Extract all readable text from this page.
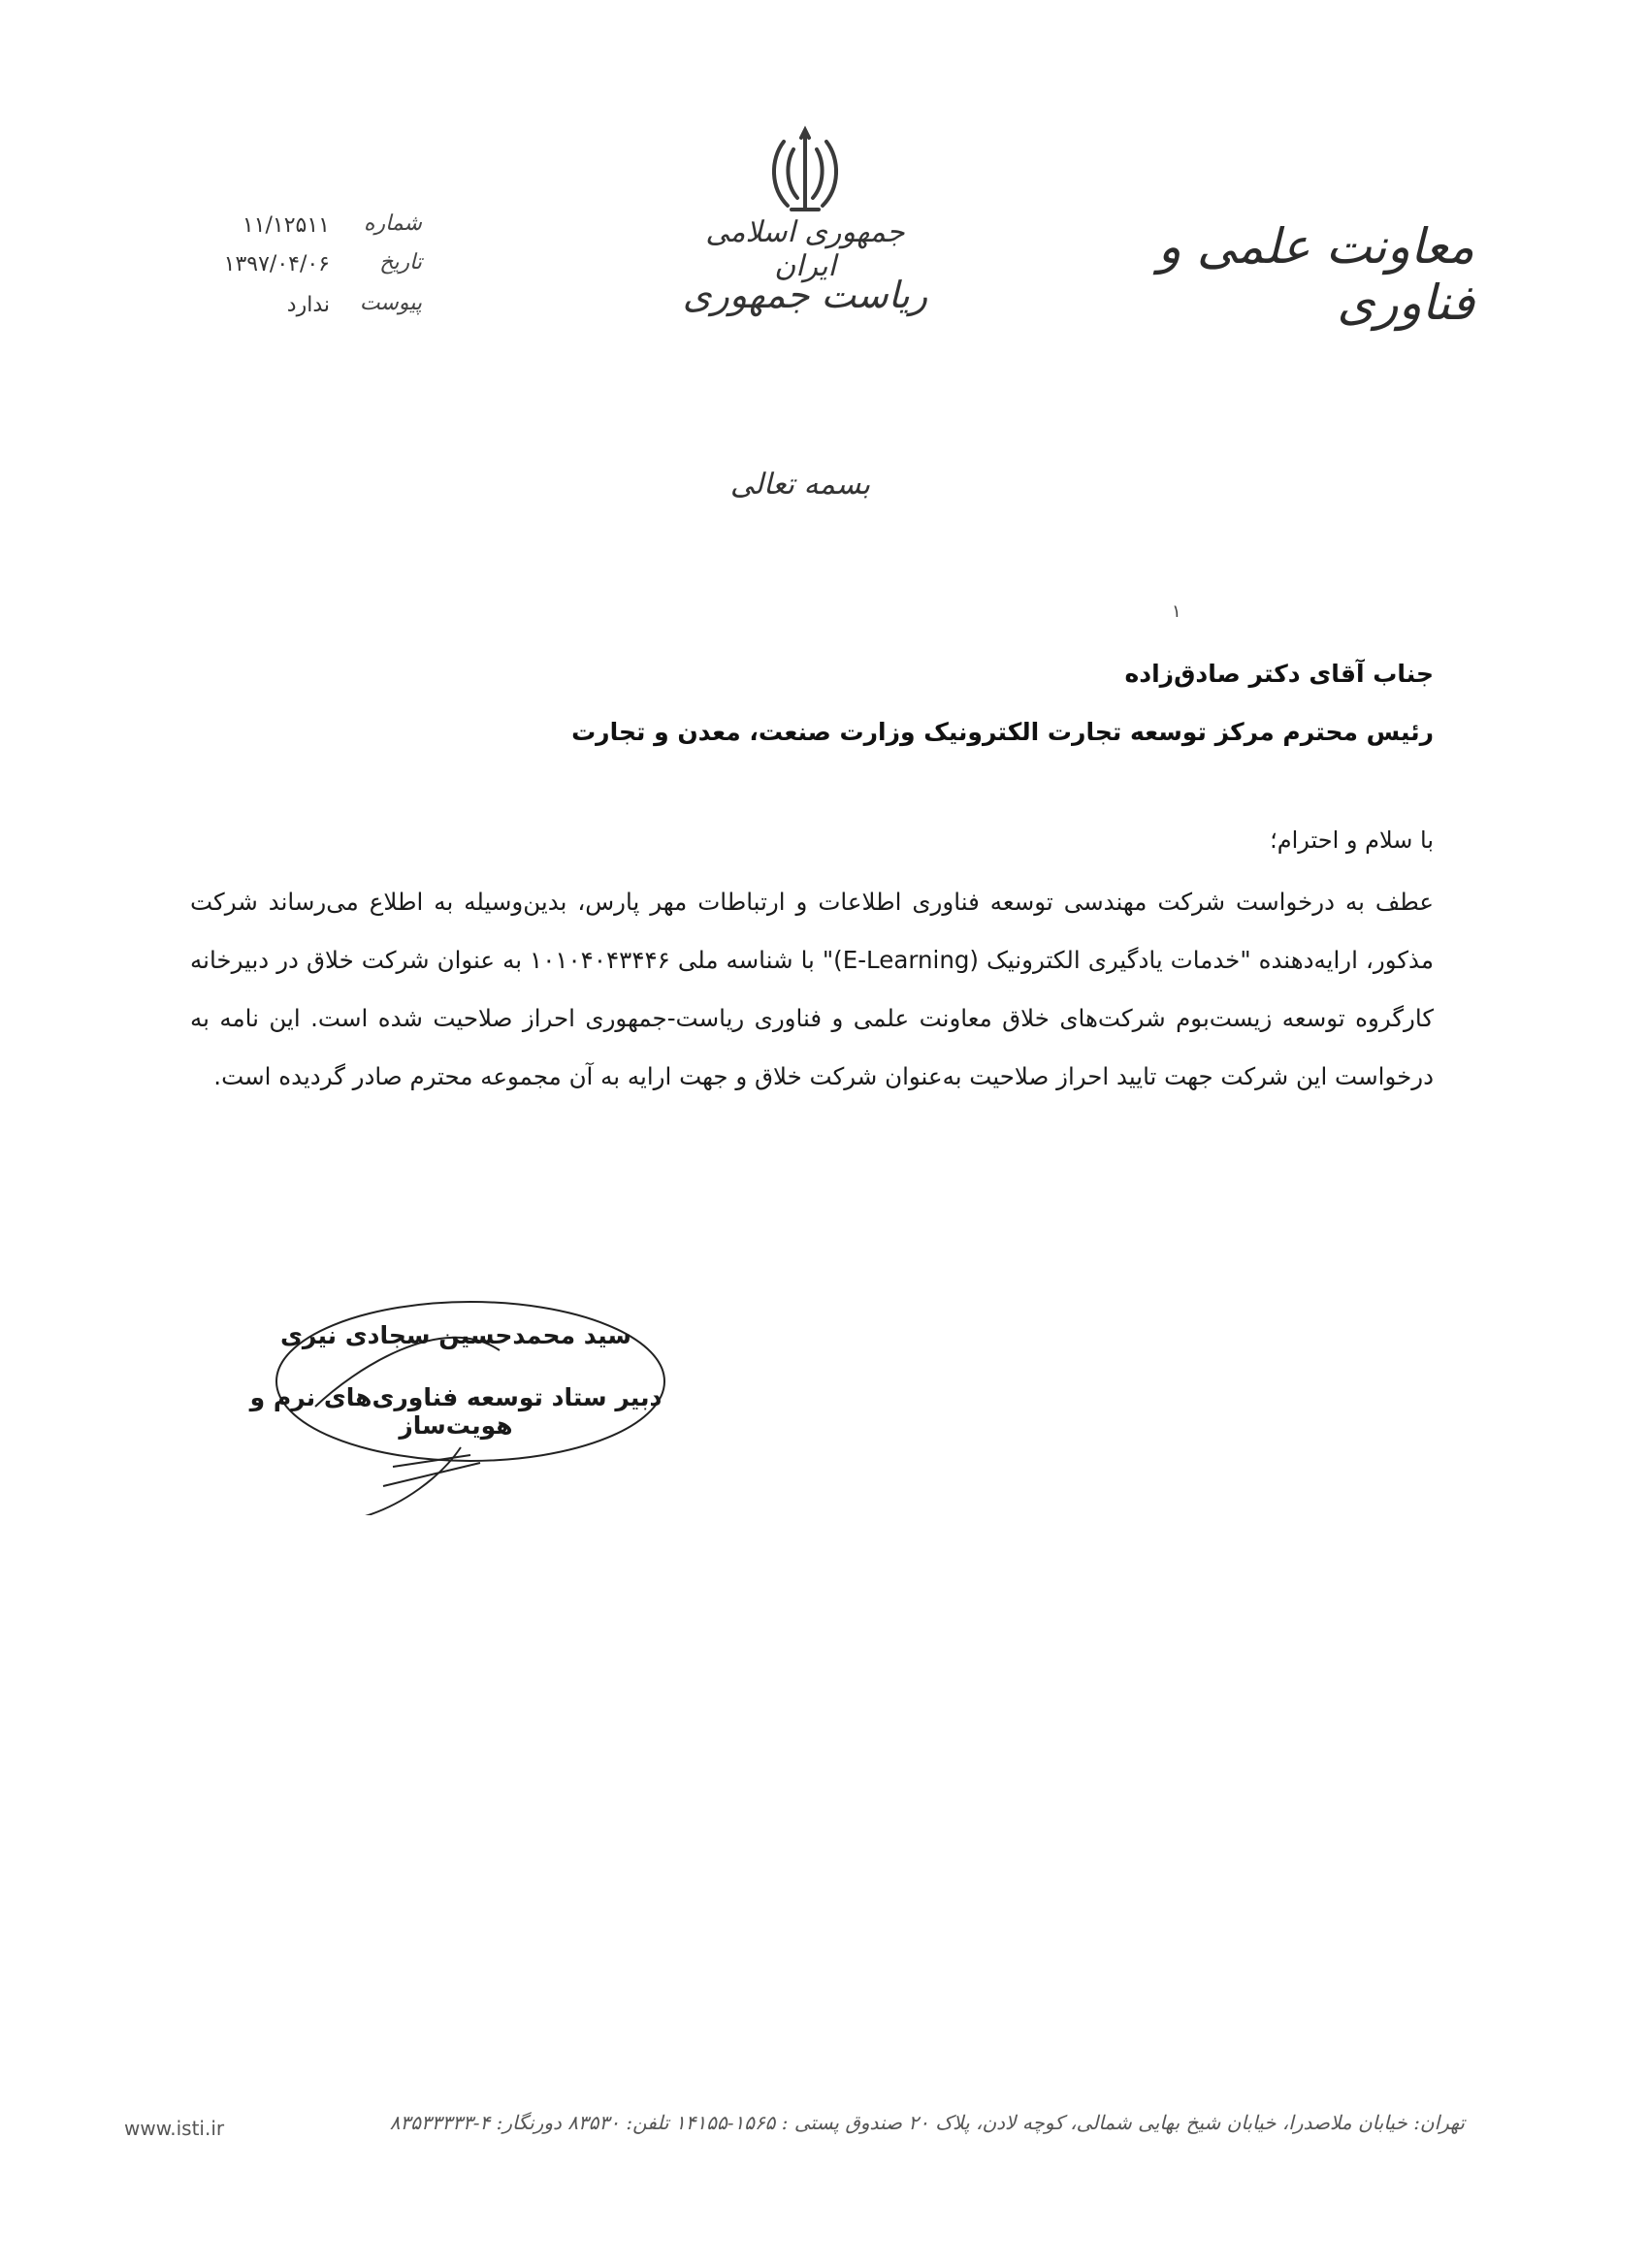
جمهوری اسلامی ایران
ریاست جمهوری
معاونت علمی و فناوری
شماره
۱۱/۱۲۵۱۱
تاریخ
۱۳۹۷/۰۴/۰۶
پیوست
ندارد
بسمه تعالی
۱
جناب آقای دکتر صادق‌زاده
رئیس محترم مرکز توسعه تجارت الکترونیک وزارت صنعت، معدن و تجارت
با سلام و احترام؛

عطف به درخواست شرکت مهندسی توسعه فناوری اطلاعات و ارتباطات مهر پارس، بدین‌وسیله به اطلاع می‌رساند شرکت مذکور، ارایه‌دهنده "خدمات یادگیری الکترونیک (E-Learning)" با شناسه ملی ۱۰۱۰۴۰۴۳۴۴۶ به عنوان شرکت خلاق در دبیرخانه کارگروه توسعه زیست‌بوم شرکت‌های خلاق معاونت علمی و فناوری ریاست-جمهوری احراز صلاحیت شده است. این نامه به درخواست این شرکت جهت تایید احراز صلاحیت به‌عنوان شرکت خلاق و جهت ارایه به آن مجموعه محترم صادر گردیده است.

سید محمدحسین سجادی نیری
دبیر ستاد توسعه فناوری‌های نرم و هویت‌ساز
www.isti.ir	تهران: خیابان ملاصدرا، خیابان شیخ بهایی شمالی، کوچه لادن، پلاک ۲۰ صندوق پستی : ۱۵۶۵-۱۴۱۵۵ تلفن: ۸۳۵۳۰ دورنگار: ۴-۸۳۵۳۳۳۳۳
